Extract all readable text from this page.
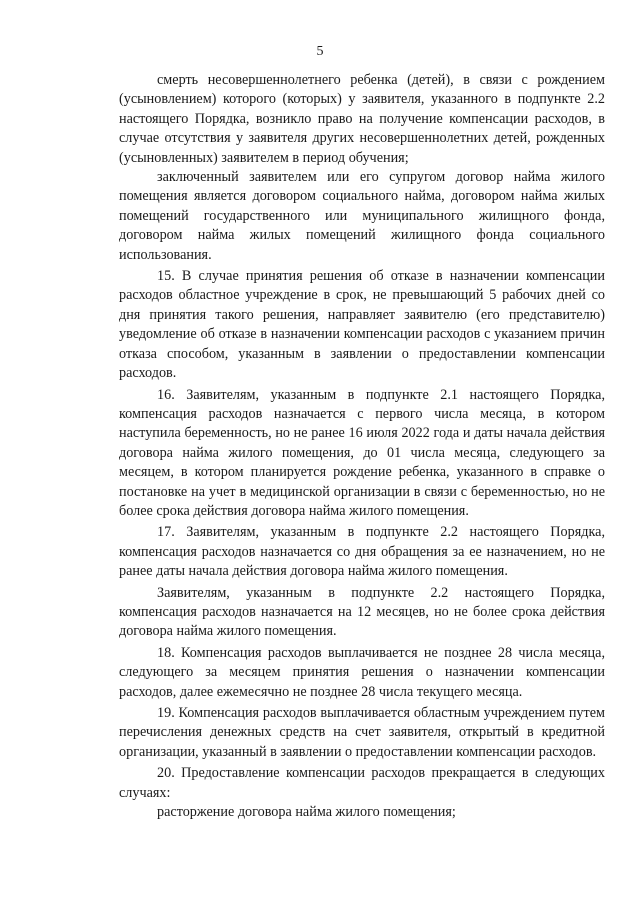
5

смерть несовершеннолетнего ребенка (детей), в связи с рождением (усыновлением) которого (которых) у заявителя, указанного в подпункте 2.2 настоящего Порядка, возникло право на получение компенсации расходов, в случае отсутствия у заявителя других несовершеннолетних детей, рожденных (усыновленных) заявителем в период обучения;

заключенный заявителем или его супругом договор найма жилого помещения является договором социального найма, договором найма жилых помещений государственного или муниципального жилищного фонда, договором найма жилых помещений жилищного фонда социального использования.

15. В случае принятия решения об отказе в назначении компенсации расходов областное учреждение в срок, не превышающий 5 рабочих дней со дня принятия такого решения, направляет заявителю (его представителю) уведомление об отказе в назначении компенсации расходов с указанием причин отказа способом, указанным в заявлении о предоставлении компенсации расходов.

16. Заявителям, указанным в подпункте 2.1 настоящего Порядка, компенсация расходов назначается с первого числа месяца, в котором наступила беременность, но не ранее 16 июля 2022 года и даты начала действия договора найма жилого помещения, до 01 числа месяца, следующего за месяцем, в котором планируется рождение ребенка, указанного в справке о постановке на учет в медицинской организации в связи с беременностью, но не более срока действия договора найма жилого помещения.

17. Заявителям, указанным в подпункте 2.2 настоящего Порядка, компенсация расходов назначается со дня обращения за ее назначением, но не ранее даты начала действия договора найма жилого помещения.

Заявителям, указанным в подпункте 2.2 настоящего Порядка, компенсация расходов назначается на 12 месяцев, но не более срока действия договора найма жилого помещения.

18. Компенсация расходов выплачивается не позднее 28 числа месяца, следующего за месяцем принятия решения о назначении компенсации расходов, далее ежемесячно не позднее 28 числа текущего месяца.

19. Компенсация расходов выплачивается областным учреждением путем перечисления денежных средств на счет заявителя, открытый в кредитной организации, указанный в заявлении о предоставлении компенсации расходов.

20. Предоставление компенсации расходов прекращается в следующих случаях:

расторжение договора найма жилого помещения;
